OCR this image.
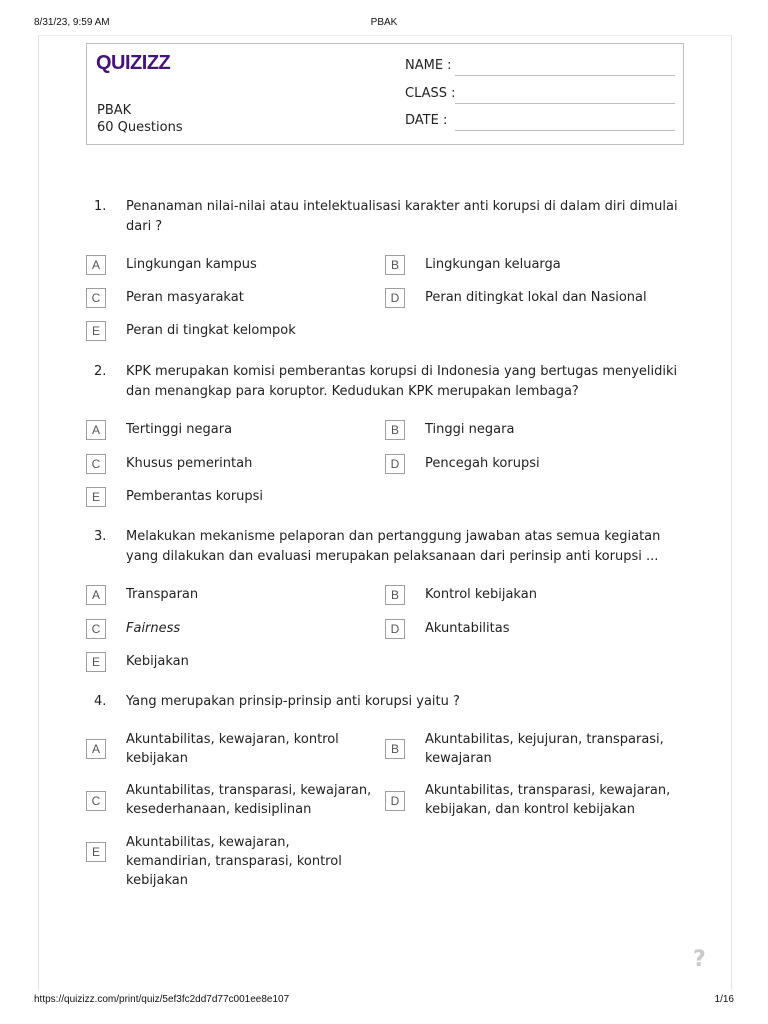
8/31/23, 9:59 AM	PBAK
QUIZIZZ
PBAK
60 Questions
NAME :
CLASS :
DATE :
1. Penanaman nilai-nilai atau intelektualisasi karakter anti korupsi di dalam diri dimulai dari ?
A	Lingkungan kampus	B	Lingkungan keluarga
C	Peran masyarakat	D	Peran ditingkat lokal dan Nasional
E	Peran di tingkat kelompok
2. KPK merupakan komisi pemberantas korupsi di Indonesia yang bertugas menyelidiki dan menangkap para koruptor. Kedudukan KPK merupakan lembaga?
A	Tertinggi negara	B	Tinggi negara
C	Khusus pemerintah	D	Pencegah korupsi
E	Pemberantas korupsi
3. Melakukan mekanisme pelaporan dan pertanggung jawaban atas semua kegiatan yang dilakukan dan evaluasi merupakan pelaksanaan dari perinsip anti korupsi ...
A	Transparan	B	Kontrol kebijakan
C	Fairness	D	Akuntabilitas
E	Kebijakan
4. Yang merupakan prinsip-prinsip anti korupsi yaitu ?
A
Akuntabilitas, kewajaran, kontrol kebijakan
B
Akuntabilitas, kejujuran, transparasi, kewajaran
C
Akuntabilitas, transparasi, kewajaran, kesederhanaan, kedisiplinan
D
Akuntabilitas, transparasi, kewajaran, kebijakan, dan kontrol kebijakan
E
Akuntabilitas, kewajaran, kemandirian, transparasi, kontrol kebijakan
?
https://quizizz.com/print/quiz/5ef3fc2dd7d77c001ee8e107	1/16
